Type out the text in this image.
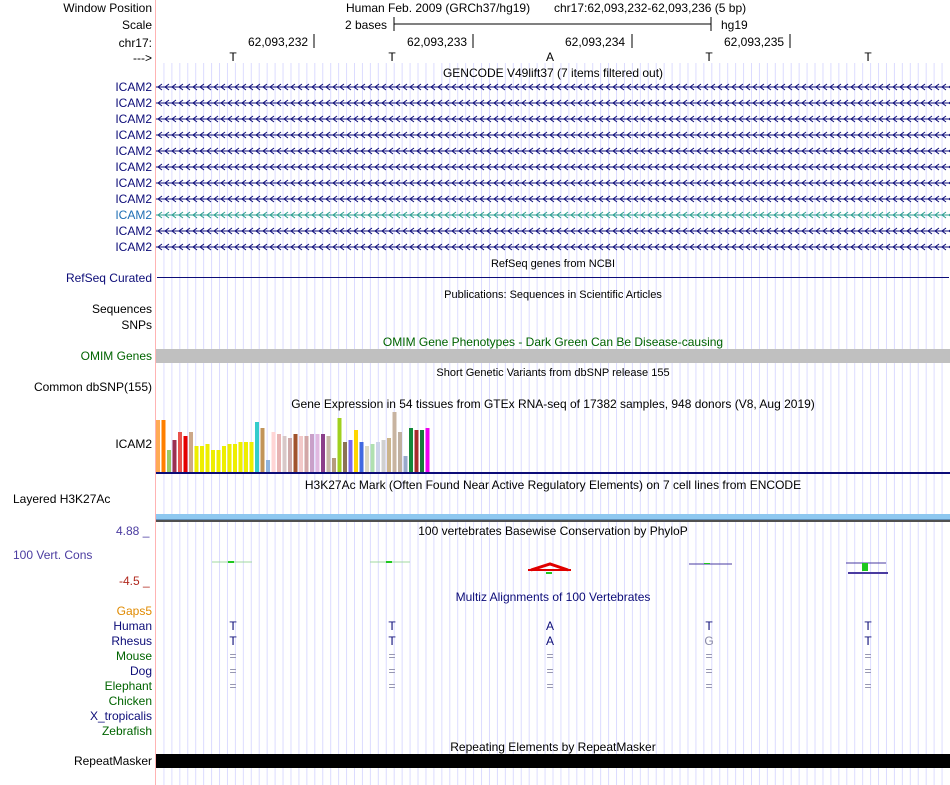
Window Position
Scale
chr17:
--->
Human Feb. 2009 (GRCh37/hg19) chr17:62,093,232-62,093,236 (5 bp)
2 bases	hg19
62,093,232	62,093,233	62,093,234	62,093,235
T	T	A	T	T
GENCODE V49lift37 (7 items filtered out)
ICAM2
ICAM2
ICAM2
ICAM2
ICAM2
ICAM2
ICAM2
ICAM2
ICAM2
ICAM2
ICAM2
RefSeq genes from NCBI
RefSeq Curated
Publications: Sequences in Scientific Articles
Sequences
SNPs
OMIM Gene Phenotypes - Dark Green Can Be Disease-causing
OMIM Genes
Short Genetic Variants from dbSNP release 155
Common dbSNP(155)
Gene Expression in 54 tissues from GTEx RNA-seq of 17382 samples, 948 donors (V8, Aug 2019)
ICAM2
H3K27Ac Mark (Often Found Near Active Regulatory Elements) on 7 cell lines from ENCODE
Layered H3K27Ac
100 vertebrates Basewise Conservation by PhyloP
4.88 _
100 Vert. Cons
-4.5 _
Multiz Alignments of 100 Vertebrates
Gaps5
Human	T	T	A	T	T
Rhesus	T	T	A	G	T
Mouse	=	=	=	=	=
Dog	=	=	=	=	=
Elephant	=	=	=	=	=
Chicken
X_tropicalis
Zebrafish
Repeating Elements by RepeatMasker
RepeatMasker
